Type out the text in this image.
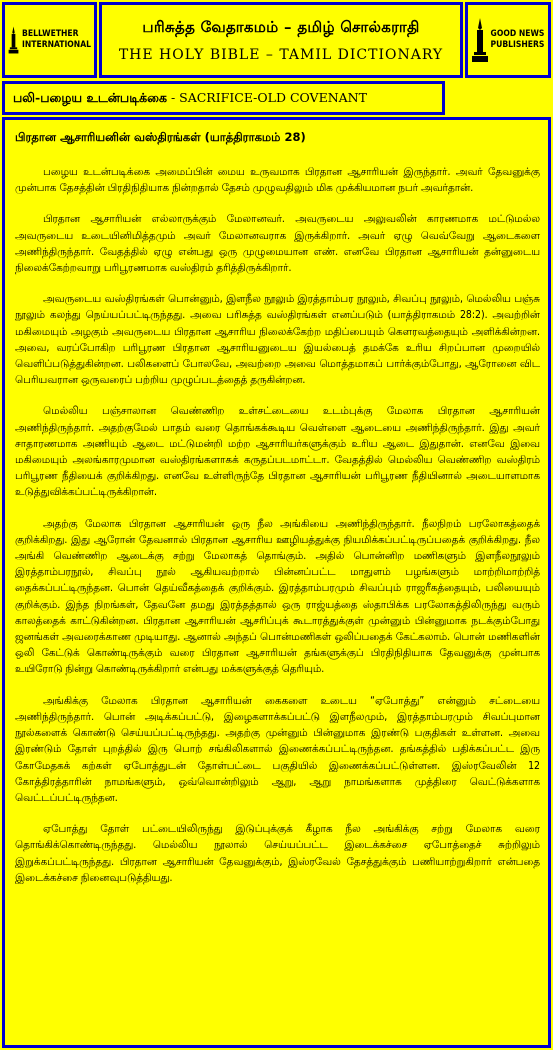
BELLWETHER
INTERNATIONAL
பரிசுத்த வேதாகமம் – தமிழ் சொல்கராதி
THE HOLY BIBLE – TAMIL DICTIONARY
GOOD NEWS
PUBLISHERS
பலி-பழைய உடன்படிக்கை - SACRIFICE-OLD COVENANT
பிரதான ஆசாரியனின் வஸ்திரங்கள் (யாத்திராகமம் 28)

பழைய உடன்படிக்கை அமைப்பின் மைய உருவமாக பிரதான ஆசாரியன் இருந்தார். அவர் தேவனுக்கு முன்பாக தேசத்தின் பிரதிநிதியாக நின்றதால் தேசம் முழுவதிலும் மிக முக்கியமான நபர் அவர்தான்.

பிரதான ஆசாரியன் எல்லாருக்கும் மேலானவர். அவருடைய அலுவலின் காரணமாக மட்டுமல்ல அவருடைய உடையினிமித்தமும் அவர் மேலானவராக இருக்கிறார். அவர் ஏழு வெவ்வேறு ஆடைகளை அணிந்திருந்தார். வேதத்தில் ஏழு என்பது ஒரு முழுமையான எண். எனவே பிரதான ஆசாரியன் தன்னுடைய நிலைக்கேற்றவாறு பரிபூரணமாக வஸ்திரம் தரித்திருக்கிறார்.

அவருடைய வஸ்திரங்கள் பொன்னும், இளநீல நூலும் இரத்தாம்பர நூலும், சிவப்பு நூலும், மெல்லிய பஞ்சு நூலும் கலந்து நெய்யப்பட்டிருந்தது. அவை பரிசுத்த வஸ்திரங்கள் எனப்படும் (யாத்திராகமம் 28:2). அவற்றின் மகிமையும் அழகும் அவருடைய பிரதான ஆசாரிய நிலைக்கேற்ற மதிப்பையும் கௌரவத்தையும் அளிக்கின்றன. அவை, வரப்போகிற பரிபூரண பிரதான ஆசாரியனுடைய இயல்பைத் தமக்கே உரிய சிறப்பான முறையில் வெளிப்படுத்துகின்றன. பலிகளைப் போலவே, அவற்றை அவை மொத்தமாகப் பார்க்கும்போது, ஆரோனை விட பெரியவரான ஒருவரைப் பற்றிய முழுப்படத்தைத் தருகின்றன.

மெல்லிய பஞ்சாலான வெண்ணிற உள்சட்டையை உடம்புக்கு மேலாக பிரதான ஆசாரியன் அணிந்திருந்தார். அதற்குமேல் பாதம் வரை தொங்கக்கூடிய வெள்ளை ஆடையை அணிந்திருந்தார். இது அவர் சாதாரணமாக அணியும் ஆடை மட்டுமன்றி மற்ற ஆசாரியர்களுக்கும் உரிய ஆடை இதுதான். எனவே இவை மகிமையும் அலங்காரமுமான வஸ்திரங்களாகக் கருதப்படமாட்டா. வேதத்தில் மெல்லிய வெண்ணிற வஸ்திரம் பரிபூரண நீதியைக் குறிக்கிறது. எனவே உள்ளிருந்தே பிரதான ஆசாரியன் பரிபூரண நீதியினால் அடையாளமாக உடுத்துவிக்கப்பட்டிருக்கிறான்.

அதற்கு மேலாக பிரதான ஆசாரியன் ஒரு நீல அங்கியை அணிந்திருந்தார். நீலநிறம் பரலோகத்தைக் குறிக்கிறது. இது ஆரோன் தேவனால் பிரதான ஆசாரிய ஊழியத்துக்கு நியமிக்கப்பட்டிருப்பதைக் குறிக்கிறது. நீல அங்கி வெண்ணிற ஆடைக்கு சற்று மேலாகத் தொங்கும். அதில் பொன்னிற மணிகளும் இளநீலநூலும் இரத்தாம்பரநூல், சிவப்பு நூல் ஆகியவற்றால் பின்னப்பட்ட மாதுளம் பழங்களும் மாற்றிமாற்றித் தைக்கப்பட்டிருந்தன. பொன் தெய்வீகத்தைக் குறிக்கும். இரத்தாம்பரமும் சிவப்பும் ராஜரீகத்தையும், பலியையும் குறிக்கும். இந்த நிறங்கள், தேவனே தமது இரத்தத்தால் ஒரு ராஜ்யத்தை ஸ்தாபிக்க பரலோகத்திலிருந்து வரும் காலத்தைக் காட்டுகின்றன. பிரதான ஆசாரியன் ஆசரிப்புக் கூடாரத்துக்குள் முன்னும் பின்னுமாக நடக்கும்போது ஜனங்கள் அவரைக்காண முடியாது. ஆனால் அந்தப் பொன்மணிகள் ஒலிப்பதைக் கேட்கலாம். பொன் மணிகளின் ஒலி கேட்டுக் கொண்டிருக்கும் வரை பிரதான ஆசாரியன் தங்களுக்குப் பிரதிநிதியாக தேவனுக்கு முன்பாக உயிரோடு நின்று கொண்டிருக்கிறார் என்பது மக்களுக்குத் தெரியும்.

அங்கிக்கு மேலாக பிரதான ஆசாரியன் கைகளை உடைய “ஏபோத்து” என்னும் சட்டையை அணிந்திருந்தார். பொன் அடிக்கப்பட்டு, இழைகளாக்கப்பட்டு இளநீலமும், இரத்தாம்பரமும் சிவப்புமான நூல்களைக் கொண்டு செய்யப்பட்டிருந்தது. அதற்கு முன்னும் பின்னுமாக இரண்டு பகுதிகள் உள்ளன. அவை இரண்டும் தோள் புறத்தில் இரு பொற் சங்கிலிகளால் இணைக்கப்பட்டிருந்தன. தங்கத்தில் பதிக்கப்பட்ட இரு கோமேதகக் கற்கள் ஏபோத்துடன் தோள்பட்டை பகுதியில் இணைக்கப்பட்டுள்ளன. இஸ்ரவேலின் 12 கோத்திரத்தாரின் நாமங்களும், ஒவ்வொன்றிலும் ஆறு, ஆறு நாமங்களாக முத்திரை வெட்டுக்களாக வெட்டப்பட்டிருந்தன.

ஏபோத்து தோள் பட்டையிலிருந்து இடுப்புக்குக் கீழாக நீல அங்கிக்கு சற்று மேலாக வரை தொங்கிக்கொண்டிருந்தது. மெல்லிய நூலால் செய்யப்பட்ட இடைக்கச்சை ஏபோத்தைச் சுற்றிலும் இறுக்கப்பட்டிருந்தது. பிரதான ஆசாரியன் தேவனுக்கும், இஸ்ரவேல் தேசத்துக்கும் பணியாற்றுகிறார் என்பதை இடைக்கச்சை நினைவுபடுத்தியது.
